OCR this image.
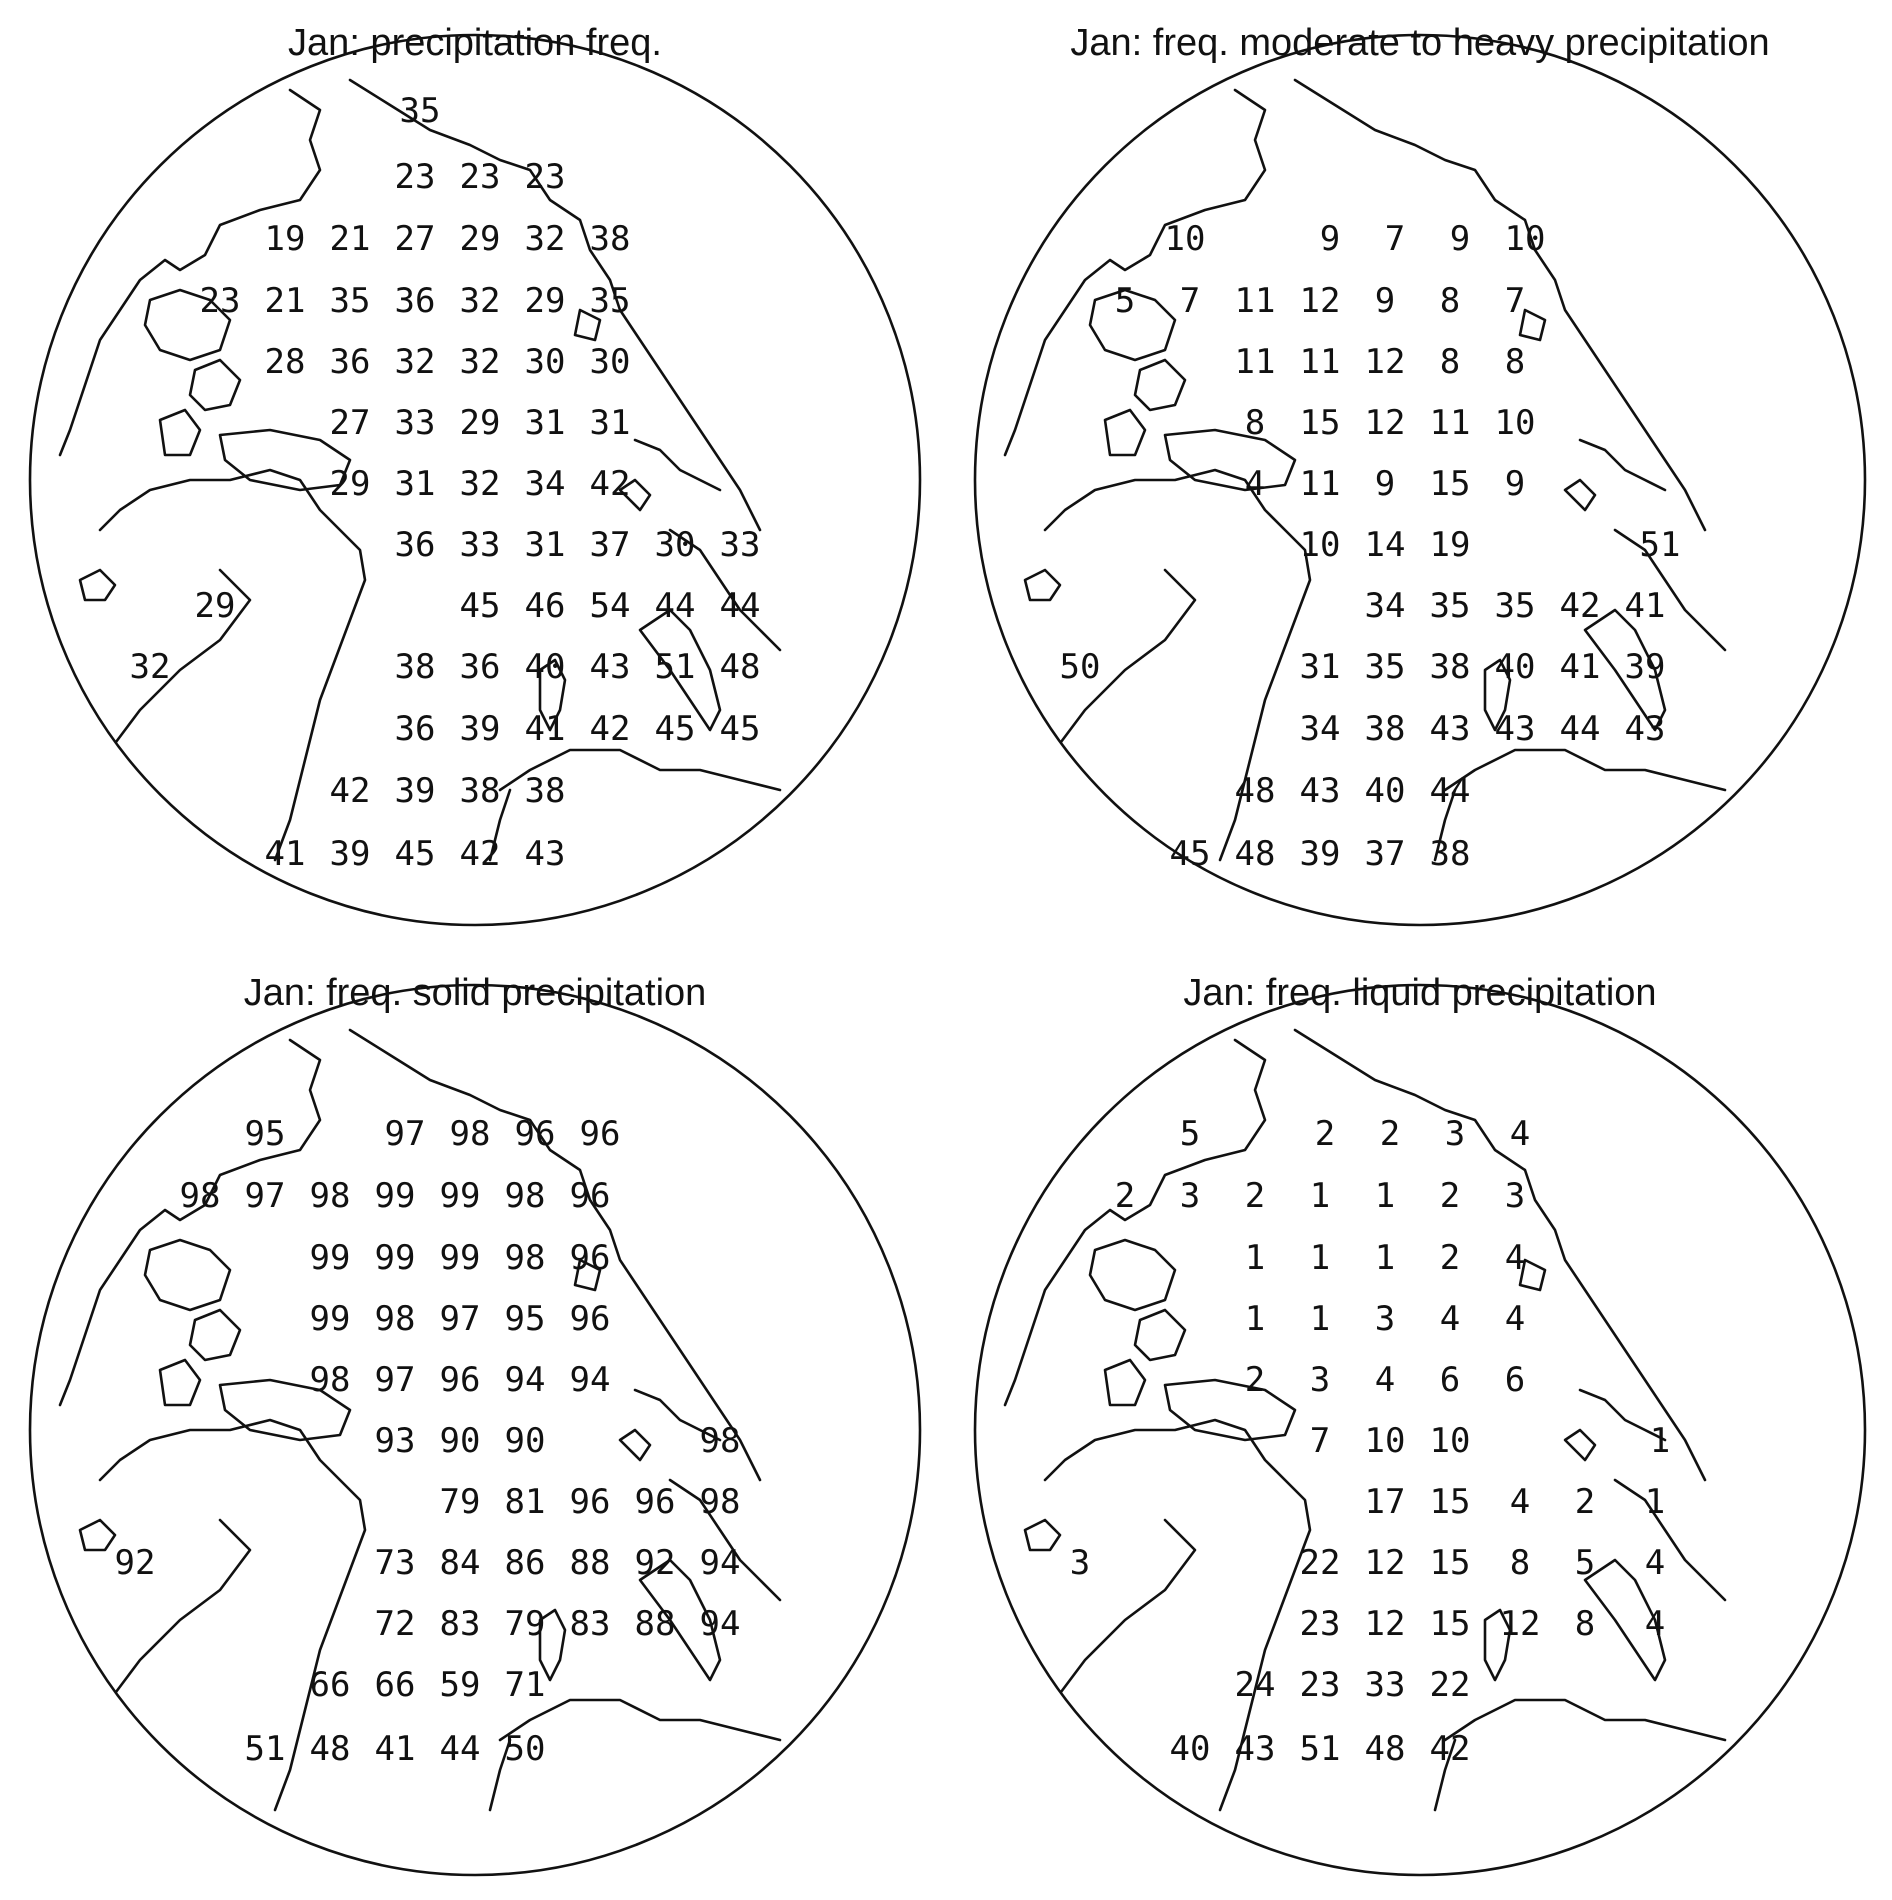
Jan: precipitation freq.
35
23 23 23
19 21 27 29 32 38
23 21 35 36 32 29 35
28 36 32 32 30 30
27 33 29 31 31
29 31 32 34 42
36 33 31 37 30 33
29	45 46 54 44 44
32	38 36 40 43 51 48
36 39 41 42 45 45
42 39 38 38
41 39 45 42 43
Jan: freq. moderate to heavy precipitation
10	9 7 9 10
5 7 11 12 9 8 7
11 11 12 8 8
8 15 12 11 10
4 11 9 15 9
10 14 19	51
34 35 35 42 41
50	31 35 38 40 41 39
34 38 43 43 44 43
48 43 40 44
45 48 39 37 38
Jan: freq. solid precipitation
95	97 98 96 96
98 97 98 99 99 98 96
99 99 99 98 96
99 98 97 95 96
98 97 96 94 94
93 90 90	98
79 81 96 96 98
92	73 84 86 88 92 94
72 83 79 83 88 94
66 66 59 71
51 48 41 44 50
Jan: freq. liquid precipitation
5	2 2 3 4
2 3 2 1 1 2 3
1 1 1 2 4
1 1 3 4 4
2 3 4 6 6
7 10 10	1
17 15 4 2 1
3	22 12 15 8 5 4
23 12 15 12 8 4
24 23 33 22
40 43 51 48 42
